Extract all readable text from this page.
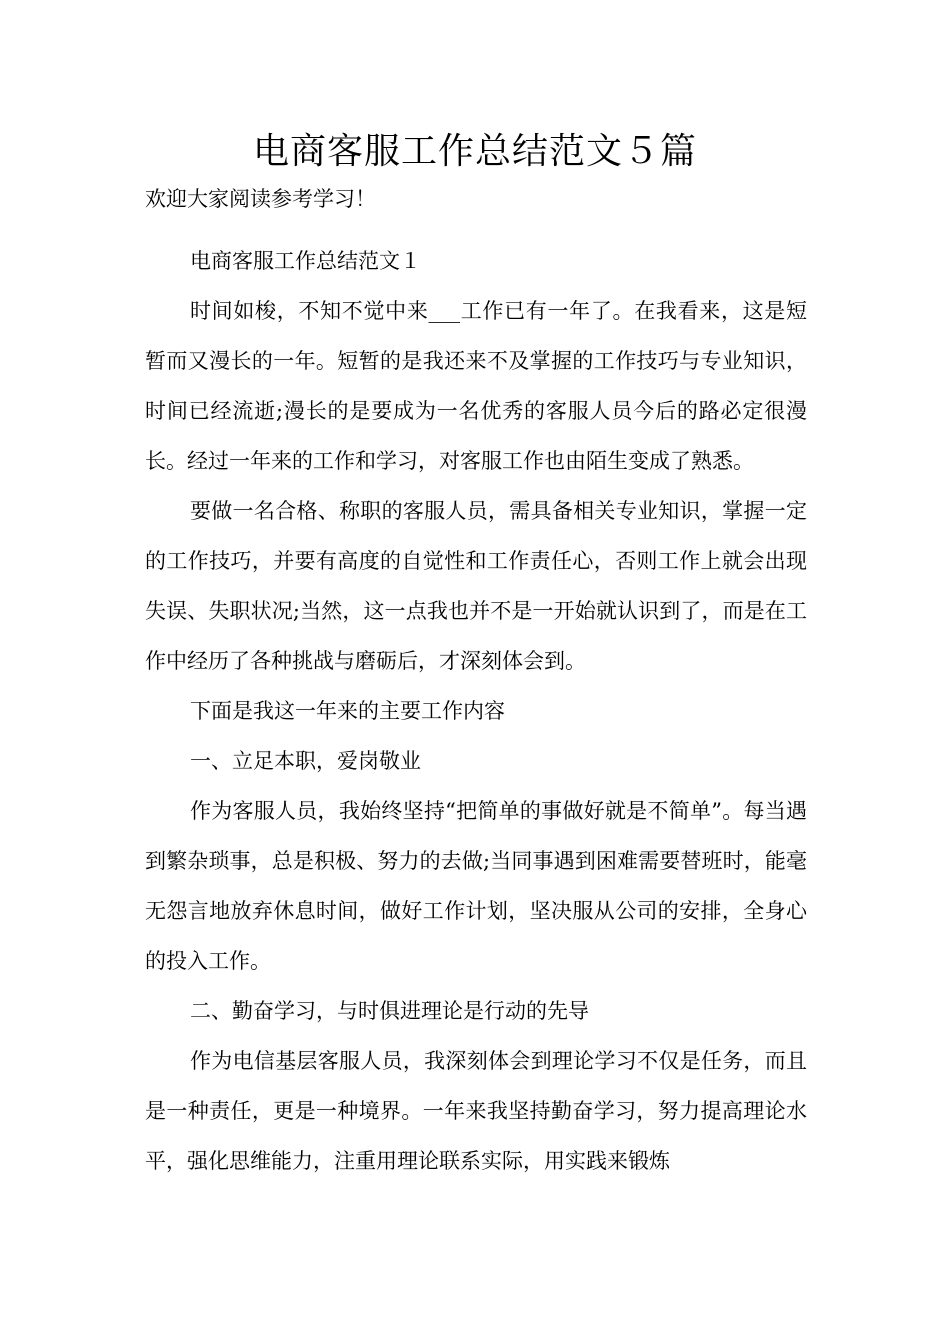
电商客服工作总结范文５篇

欢迎大家阅读参考学习！

电商客服工作总结范文１

时间如梭，不知不觉中来___工作已有一年了。在我看来，这是短暂而又漫长的一年。短暂的是我还来不及掌握的工作技巧与专业知识，时间已经流逝;漫长的是要成为一名优秀的客服人员今后的路必定很漫长。经过一年来的工作和学习，对客服工作也由陌生变成了熟悉。

要做一名合格、称职的客服人员，需具备相关专业知识，掌握一定的工作技巧，并要有高度的自觉性和工作责任心，否则工作上就会出现失误、失职状况;当然，这一点我也并不是一开始就认识到了，而是在工作中经历了各种挑战与磨砺后，才深刻体会到。

下面是我这一年来的主要工作内容

一、立足本职，爱岗敬业

作为客服人员，我始终坚持“把简单的事做好就是不简单”。每当遇到繁杂琐事，总是积极、努力的去做;当同事遇到困难需要替班时，能毫无怨言地放弃休息时间，做好工作计划，坚决服从公司的安排，全身心的投入工作。

二、勤奋学习，与时俱进理论是行动的先导

作为电信基层客服人员，我深刻体会到理论学习不仅是任务，而且是一种责任，更是一种境界。一年来我坚持勤奋学习，努力提高理论水平，强化思维能力，注重用理论联系实际，用实践来锻炼
